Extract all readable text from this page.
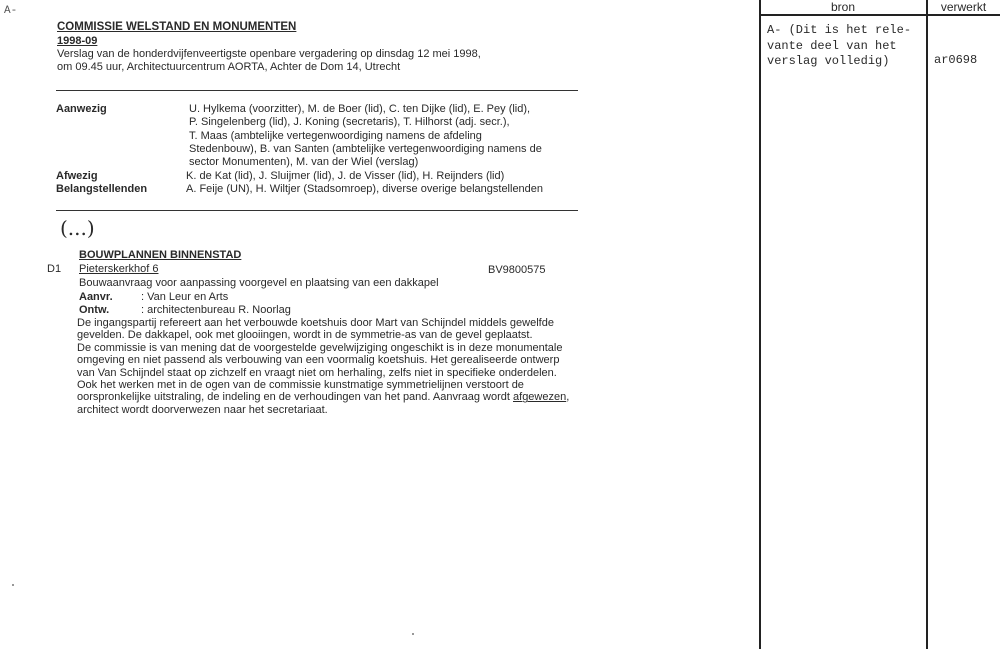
A-
COMMISSIE WELSTAND EN MONUMENTEN
1998-09
Verslag van de honderdvijfenveertigste openbare vergadering op dinsdag 12 mei 1998,
om 09.45 uur, Architectuurcentrum AORTA, Achter de Dom 14, Utrecht
Aanwezig	U. Hylkema (voorzitter), M. de Boer (lid), C. ten Dijke (lid), E. Pey (lid),
P. Singelenberg (lid), J. Koning (secretaris), T. Hilhorst (adj. secr.),
T. Maas (ambtelijke vertegenwoordiging namens de afdeling
Stedenbouw), B. van Santen (ambtelijke vertegenwoordiging namens de
sector Monumenten), M. van der Wiel (verslag)
Afwezig	K. de Kat (lid), J. Sluijmer (lid), J. de Visser (lid), H. Reijnders (lid)
Belangstellenden	A. Feije (UN), H. Wiltjer (Stadsomroep), diverse overige belangstellenden
(...)
BOUWPLANNEN BINNENSTAD
D1 Pieterskerkhof 6	BV9800575
Bouwaanvraag voor aanpassing voorgevel en plaatsing van een dakkapel
Aanvr.	: Van Leur en Arts
Ontw.	: architectenbureau R. Noorlag

De ingangspartij refereert aan het verbouwde koetshuis door Mart van Schijndel middels gewelfde gevelden. De dakkapel, ook met glooiingen, wordt in de symmetrie-as van de gevel geplaatst.

De commissie is van mening dat de voorgestelde gevelwijziging ongeschikt is in deze monumentale omgeving en niet passend als verbouwing van een voormalig koetshuis. Het gerealiseerde ontwerp van Van Schijndel staat op zichzelf en vraagt niet om herhaling, zelfs niet in specifieke onderdelen. Ook het werken met in de ogen van de commissie kunstmatige symmetrielijnen verstoort de oorspronkelijke uitstraling, de indeling en de verhoudingen van het pand. Aanvraag wordt afgewezen, architect wordt doorverwezen naar het secretariaat.

bron	verwerkt
A- (Dit is het rele-
vante deel van het
verslag volledig)	ar0698
